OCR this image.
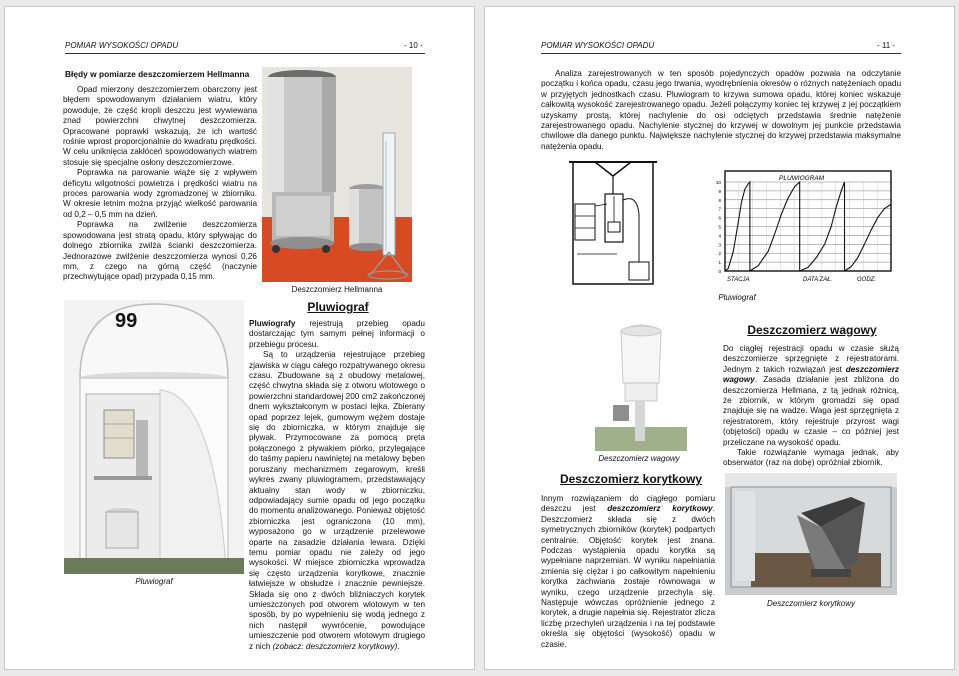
POMIAR WYSOKOŚCI OPADU	- 10 -
Błędy w pomiarze deszczomierzem Hellmanna

Opad mierzony deszczomierzem obarczony jest błędem spowodowanym działaniem wiatru, który powoduje, że część kropli deszczu jest wywiewana znad powierzchni chwytnej deszczomierza. Opracowane poprawki wskazują, że ich wartość rośnie wprost proporcjonalnie do kwadratu prędkości. W celu uniknięcia zakłóceń spowodowanych wiatrem stosuje się specjalne osłony deszczomierzowe.

Poprawka na parowanie wiąże się z wpływem deficytu wilgotności powietrza i prędkości wiatru na proces parowania wody zgromadzonej w zbiorniku. W okresie letnim można przyjąć wielkość parowania od 0,2 – 0,5 mm na dzień.

Poprawka na zwilżenie deszczomierza spowodowana jest stratą opadu, który spływając do dolnego zbiornika zwilża ścianki deszczomierza. Jednorazowe zwilżenie deszczomierza wynosi 0,26 mm, z czego na górną część (naczynie przechwytujące opad) przypada 0,15 mm.

Deszczomierz Hellmanna
99
Pluwiograf
Pluwiograf

Pluwiografy rejestrują przebieg opadu dostarczając tym samym pełnej informacji o przebiegu procesu.

Są to urządzenia rejestrujące przebieg zjawiska w ciągu całego rozpatrywanego okresu czasu. Zbudowane są z obudowy metalowej, część chwytna składa się z otworu wlotowego o powierzchni standardowej 200 cm2 zakończonej dnem wykształconym w postaci lejka. Zbierany opad poprzez lejek, gumowym wężem dostaje się do zbiorniczka, w którym znajduje się pływak. Przymocowane za pomocą pręta połączonego z pływakiem piórko, przylegające do taśmy papieru nawiniętej na metalowy bęben poruszany mechanizmem zegarowym, kreśli wykres zwany pluwiogramem, przedstawiający aktualny stan wody w zbiorniczku, odpowiadający sumie opadu od jego początku do momentu analizowanego. Ponieważ objętość zbiorniczka jest ograniczona (10 mm), wyposażono go w urządzenie przelewowe oparte na zasadzie działania lewara. Dzięki temu pomiar opadu nie zależy od jego wysokości. W miejsce zbiorniczka wprowadza się często urządzenia korytkowe, znacznie łatwiejsze w obsłudze i znacznie pewniejsze. Składa się ono z dwóch bliźniaczych korytek umieszczonych pod otworem wlotowym w ten sposób, by po wypełnieniu się wodą jednego z nich następił wywrócenie, powodujące umieszczenie pod otworem wlotowym drugiego z nich (zobacz: deszczomierz korytkowy).

POMIAR WYSOKOŚCI OPADU	- 11 -

Analiza zarejestrowanych w ten sposób pojedynczych opadów pozwala na odczytanie początku i końca opadu, czasu jego trwania, wyodrębnienia okresów o różnych natężeniach opadu w przyjętych jednostkach czasu. Pluwiogram to krzywa sumowa opadu, której koniec wskazuje całkowitą wysokość zarejestrowanego opadu. Jeżeli połączymy koniec tej krzywej z jej początkiem uzyskamy prostą, której nachylenie do osi odciętych przedstawia średnie natężenie zarejestrowanego opadu. Nachylenie stycznej do krzywej w dowolnym jej punkcie przedstawia chwilowe dla danego punktu. Największe nachylenie stycznej do krzywej przedstawia maksymalne natężenia opadu.

10
9
8
7
6
5
4
3
2
1
0
PLUWIOGRAM
STACJA	DATA ZAŁ.	GODZ.
Pluwiograf
Deszczomierz wagowy

Do ciągłej rejestracji opadu w czasie służą deszczomierze sprzęgnięte z rejestratorami. Jednym z takich rozwiązań jest deszczomierz wagowy. Zasada działanie jest zbliżona do deszczomierza Hellmana, z tą jednak różnicą, że zbiornik, w którym gromadzi się opad znajduje się na wadze. Waga jest sprzęgnięta z rejestratorem, który rejestruje przyrost wagi (objętości) opadu w czasie – co później jest przeliczane na wysokość opadu.

Takie rozwiązanie wymaga jednak, aby obserwator (raz na dobę) opróżniał zbiornik.

Deszczomierz wagowy
Deszczomierz korytkowy

Innym rozwiązaniem do ciągłego pomiaru deszczu jest deszczomierz korytkowy. Deszczomierz składa się z dwóch symetrycznych zbiorników (korytek) podpartych centralnie. Objętość korytek jest znana. Podczas wystąpienia opadu korytka są wypełniane naprzemian. W wyniku napełniania zmienia się ciężar i po całkowitym napełnieniu korytka zachwiana zostaje równowaga w wyniku, czego urządzenie przechyla się. Następuje wówczas opróżnienie jednego z korytek, a drugie napełnia się. Rejestrator zlicza liczbę przechyleń urządzenia i na tej podstawie określa się objętości (wysokość) opadu w czasie.

Deszczomierz korytkowy
